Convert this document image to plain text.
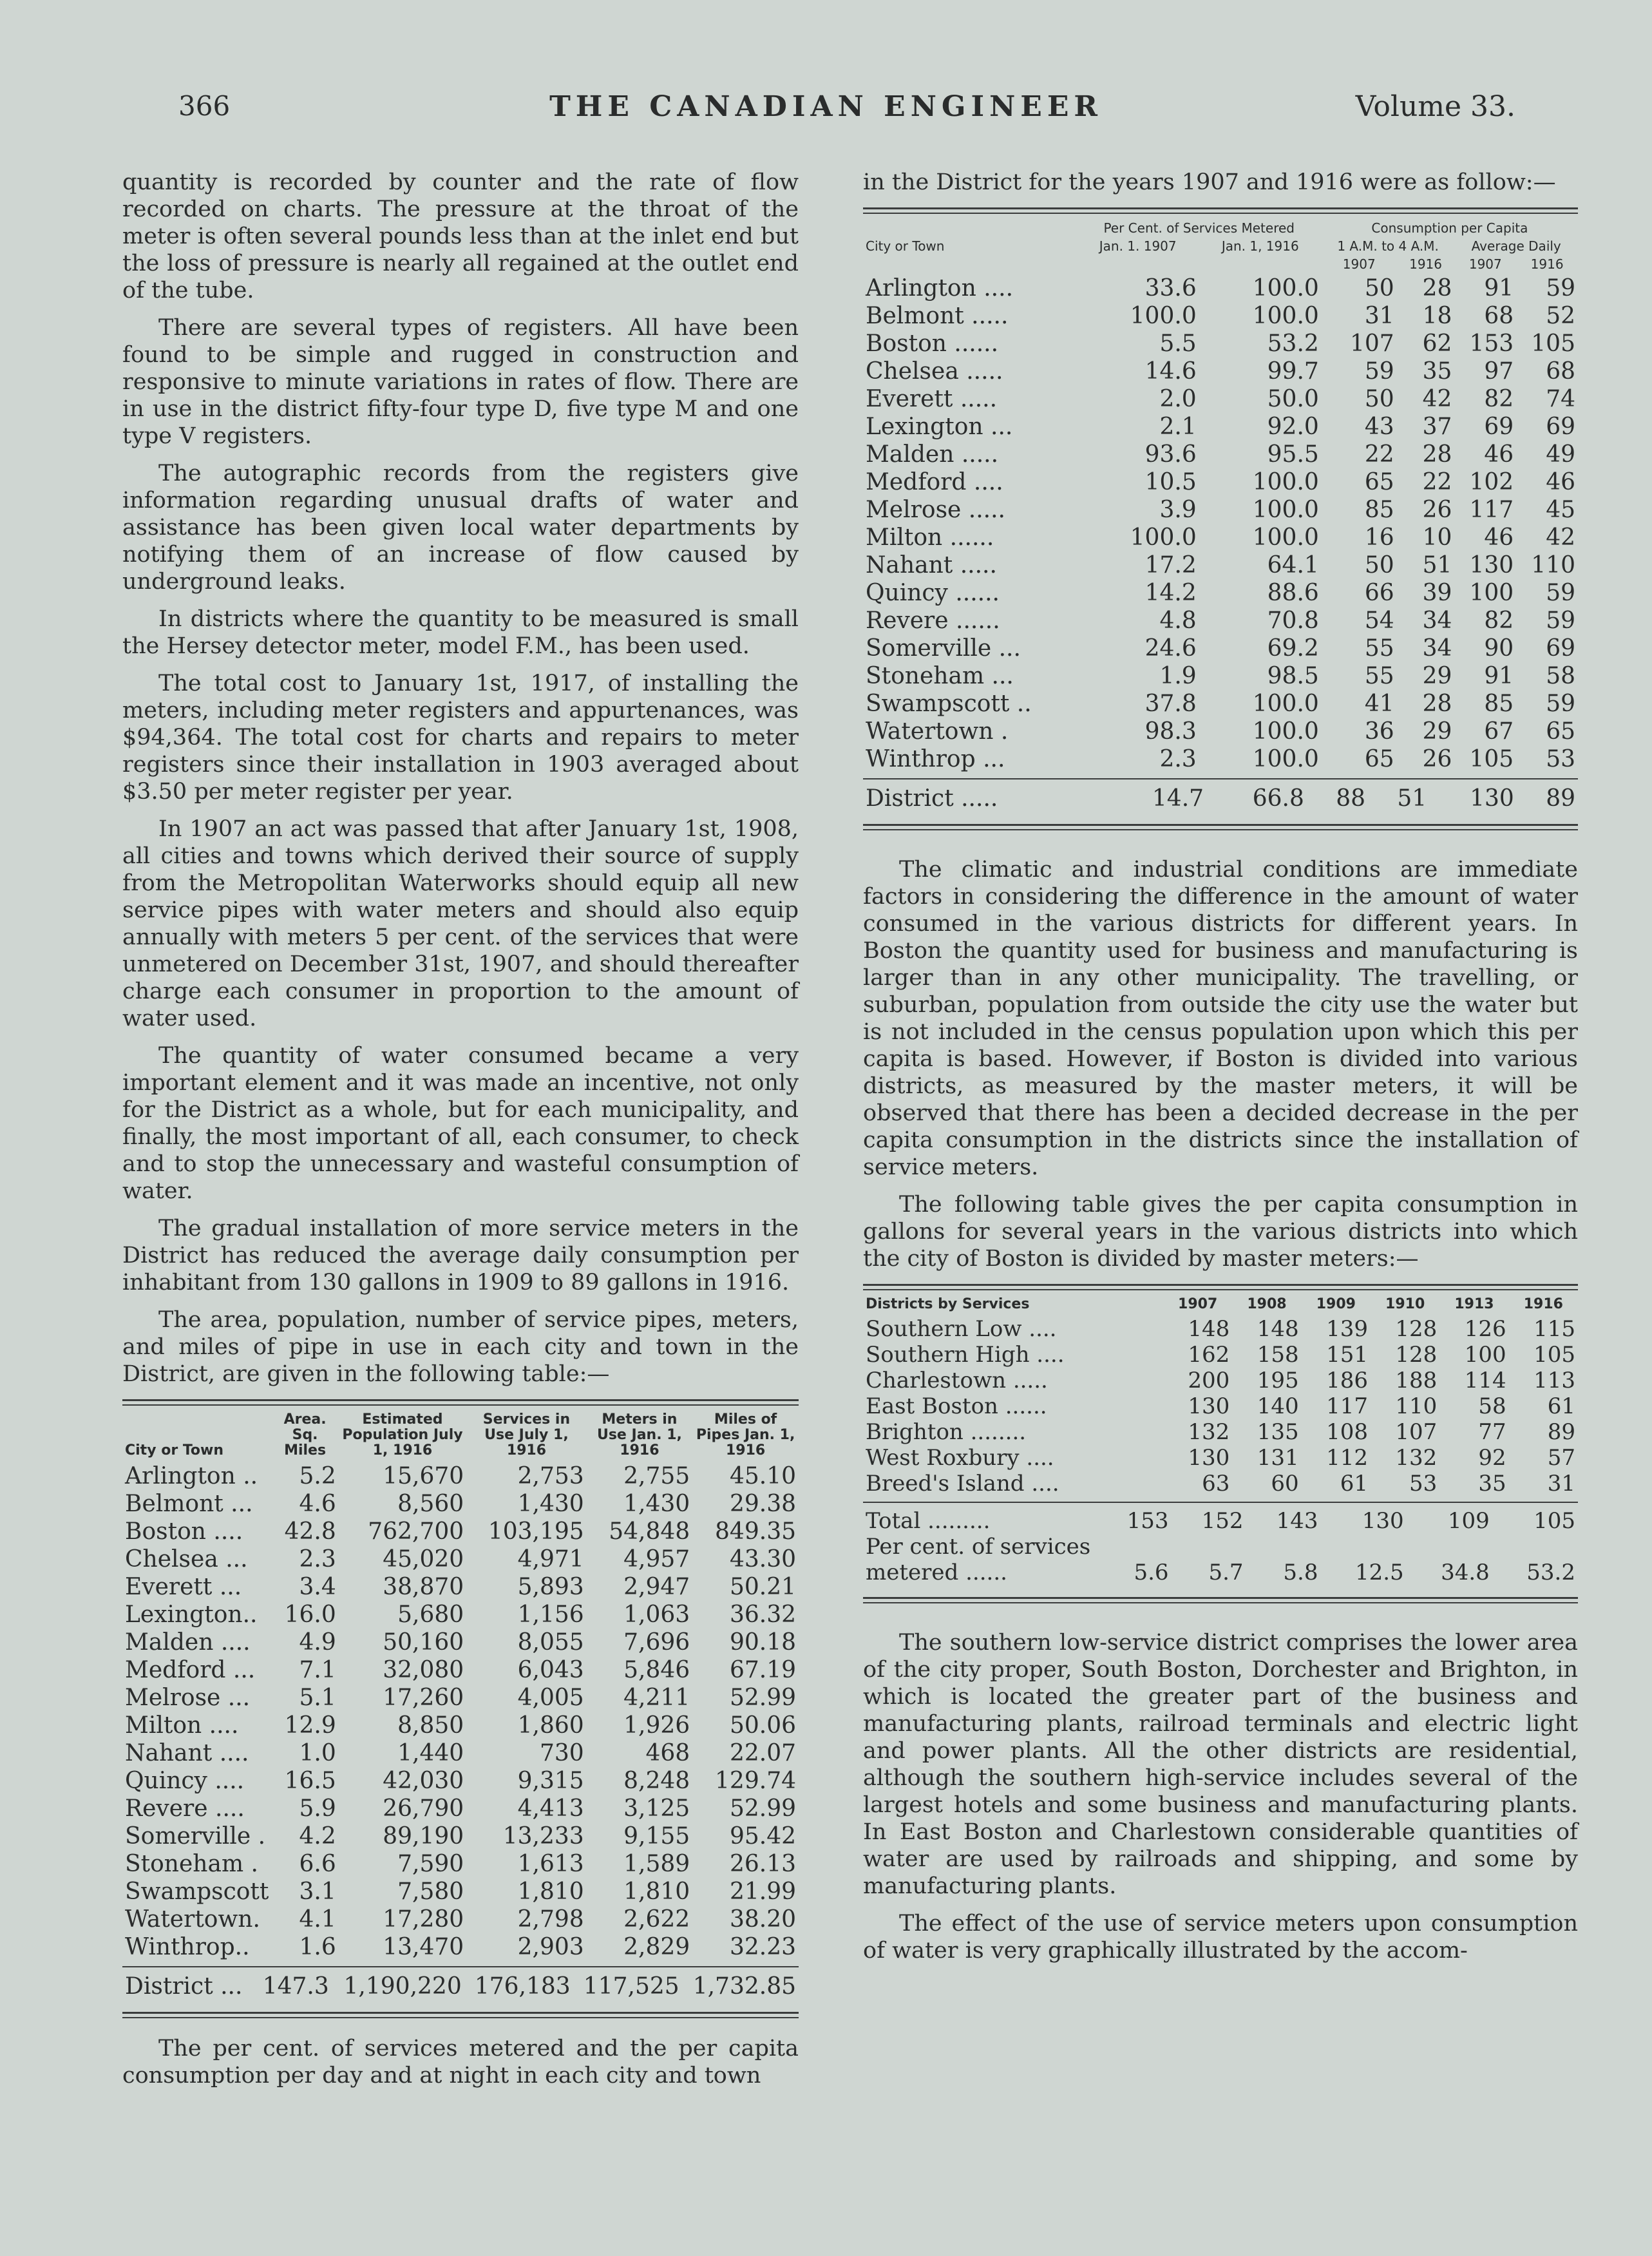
366	THE CANADIAN ENGINEER	Volume 33.

quantity is recorded by counter and the rate of flow recorded on charts. The pressure at the throat of the meter is often several pounds less than at the inlet end but the loss of pressure is nearly all regained at the outlet end of the tube.

There are several types of registers. All have been found to be simple and rugged in construction and responsive to minute variations in rates of flow. There are in use in the district fifty-four type D, five type M and one type V registers.

The autographic records from the registers give information regarding unusual drafts of water and assistance has been given local water departments by notifying them of an increase of flow caused by underground leaks.

In districts where the quantity to be measured is small the Hersey detector meter, model F.M., has been used.

The total cost to January 1st, 1917, of installing the meters, including meter registers and appurtenances, was $94,364. The total cost for charts and repairs to meter registers since their installation in 1903 averaged about $3.50 per meter register per year.

In 1907 an act was passed that after January 1st, 1908, all cities and towns which derived their source of supply from the Metropolitan Waterworks should equip all new service pipes with water meters and should also equip annually with meters 5 per cent. of the services that were unmetered on December 31st, 1907, and should thereafter charge each consumer in proportion to the amount of water used.

The quantity of water consumed became a very important element and it was made an incentive, not only for the District as a whole, but for each municipality, and finally, the most important of all, each consumer, to check and to stop the unnecessary and wasteful consumption of water.

The gradual installation of more service meters in the District has reduced the average daily consumption per inhabitant from 130 gallons in 1909 to 89 gallons in 1916.

The area, population, number of service pipes, meters, and miles of pipe in use in each city and town in the District, are given in the following table:—

City or Town	Area. Sq. Miles	Estimated Population July 1, 1916	Services in Use July 1, 1916	Meters in Use Jan. 1, 1916	Miles of Pipes Jan. 1, 1916
Arlington ..	5.2	15,670	2,753	2,755	45.10
Belmont ...	4.6	8,560	1,430	1,430	29.38
Boston ....	42.8	762,700	103,195	54,848	849.35
Chelsea ...	2.3	45,020	4,971	4,957	43.30
Everett ...	3.4	38,870	5,893	2,947	50.21
Lexington..	16.0	5,680	1,156	1,063	36.32
Malden ....	4.9	50,160	8,055	7,696	90.18
Medford ...	7.1	32,080	6,043	5,846	67.19
Melrose ...	5.1	17,260	4,005	4,211	52.99
Milton ....	12.9	8,850	1,860	1,926	50.06
Nahant ....	1.0	1,440	730	468	22.07
Quincy ....	16.5	42,030	9,315	8,248	129.74
Revere ....	5.9	26,790	4,413	3,125	52.99
Somerville .	4.2	89,190	13,233	9,155	95.42
Stoneham .	6.6	7,590	1,613	1,589	26.13
Swampscott	3.1	7,580	1,810	1,810	21.99
Watertown.	4.1	17,280	2,798	2,622	38.20
Winthrop..	1.6	13,470	2,903	2,829	32.23
District ...	147.3	1,190,220	176,183	117,525	1,732.85

The per cent. of services metered and the per capita consumption per day and at night in each city and town

in the District for the years 1907 and 1916 were as follow:—

	Per Cent. of Services Metered		Consumption per Capita			
City or Town	Jan. 1. 1907	Jan. 1, 1916	1 A.M. to 4 A.M.		Average Daily	
			1907	1916	1907	1916
Arlington ....	33.6	100.0	50	28	91	59
Belmont .....	100.0	100.0	31	18	68	52
Boston ......	5.5	53.2	107	62	153	105
Chelsea .....	14.6	99.7	59	35	97	68
Everett .....	2.0	50.0	50	42	82	74
Lexington ...	2.1	92.0	43	37	69	69
Malden .....	93.6	95.5	22	28	46	49
Medford ....	10.5	100.0	65	22	102	46
Melrose .....	3.9	100.0	85	26	117	45
Milton ......	100.0	100.0	16	10	46	42
Nahant .....	17.2	64.1	50	51	130	110
Quincy ......	14.2	88.6	66	39	100	59
Revere ......	4.8	70.8	54	34	82	59
Somerville ...	24.6	69.2	55	34	90	69
Stoneham ...	1.9	98.5	55	29	91	58
Swampscott ..	37.8	100.0	41	28	85	59
Watertown .	98.3	100.0	36	29	67	65
Winthrop ...	2.3	100.0	65	26	105	53
District .....	14.7	66.8	88	51	130	89

The climatic and industrial conditions are immediate factors in considering the difference in the amount of water consumed in the various districts for different years. In Boston the quantity used for business and manufacturing is larger than in any other municipality. The travelling, or suburban, population from outside the city use the water but is not included in the census population upon which this per capita is based. However, if Boston is divided into various districts, as measured by the master meters, it will be observed that there has been a decided decrease in the per capita consumption in the districts since the installation of service meters.

The following table gives the per capita consumption in gallons for several years in the various districts into which the city of Boston is divided by master meters:—

Districts by Services	1907	1908	1909	1910	1913	1916
Southern Low ....	148	148	139	128	126	115
Southern High ....	162	158	151	128	100	105
Charlestown .....	200	195	186	188	114	113
East Boston ......	130	140	117	110	58	61
Brighton ........	132	135	108	107	77	89
West Roxbury ....	130	131	112	132	92	57
Breed's Island ....	63	60	61	53	35	31
Total .........	153	152	143	130	109	105
Per cent. of services						
metered ......	5.6	5.7	5.8	12.5	34.8	53.2

The southern low-service district comprises the lower area of the city proper, South Boston, Dorchester and Brighton, in which is located the greater part of the business and manufacturing plants, railroad terminals and electric light and power plants. All the other districts are residential, although the southern high-service includes several of the largest hotels and some business and manufacturing plants. In East Boston and Charlestown considerable quantities of water are used by railroads and shipping, and some by manufacturing plants.

The effect of the use of service meters upon consumption of water is very graphically illustrated by the accom-
